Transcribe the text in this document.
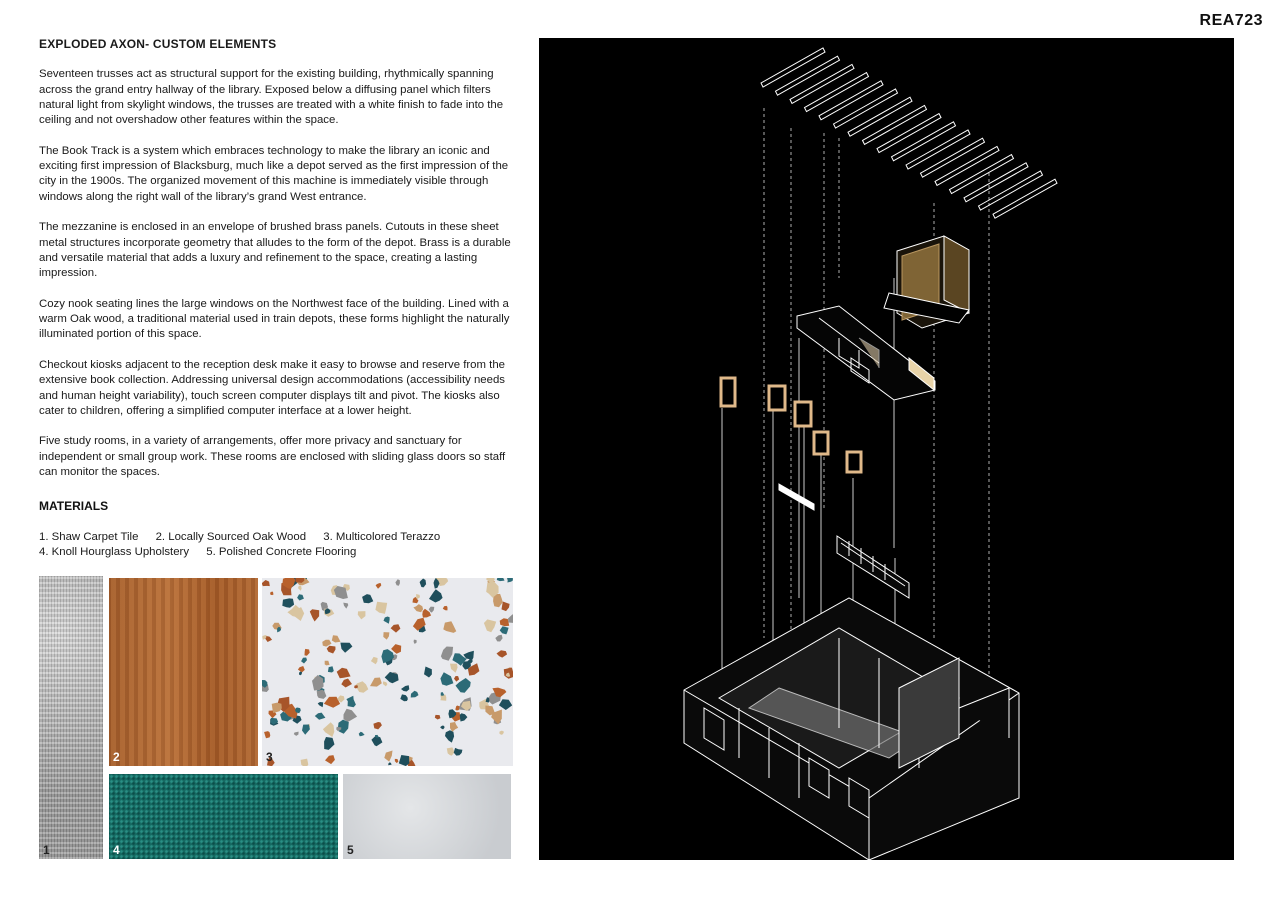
REA723
EXPLODED AXON- CUSTOM ELEMENTS

Seventeen trusses act as structural support for the existing building, rhythmically spanning across the grand entry hallway of the library. Exposed below a diffusing panel which filters natural light from skylight windows, the trusses are treated with a white finish to fade into the ceiling and not overshadow other features within the space.

The Book Track is a system which embraces technology to make the library an iconic and exciting first impression of Blacksburg, much like a depot served as the first impression of the city in the 1900s. The organized movement of this machine is immediately visible through windows along the right wall of the library’s grand West entrance.

The mezzanine is enclosed in an envelope of brushed brass panels. Cutouts in these sheet metal structures incorporate geometry that alludes to the form of the depot. Brass is a durable and versatile material that adds a luxury and refinement to the space, creating a lasting impression.

Cozy nook seating lines the large windows on the Northwest face of the building. Lined with a warm Oak wood, a traditional material used in train depots, these forms highlight the naturally illuminated portion of this space.

Checkout kiosks adjacent to the reception desk make it easy to browse and reserve from the extensive book collection. Addressing universal design accommodations (accessibility needs and human height variability), touch screen computer displays tilt and pivot. The kiosks also cater to children, offering a simplified computer interface at a lower height.

Five study rooms, in a variety of arrangements, offer more privacy and sanctuary for independent or small group work. These rooms are enclosed with sliding glass doors so staff can monitor the spaces.

MATERIALS
1. Shaw Carpet Tile 2. Locally Sourced Oak Wood 3. Multicolored Terazzo
4. Knoll Hourglass Upholstery 5. Polished Concrete Flooring
1
2	3
4	5
